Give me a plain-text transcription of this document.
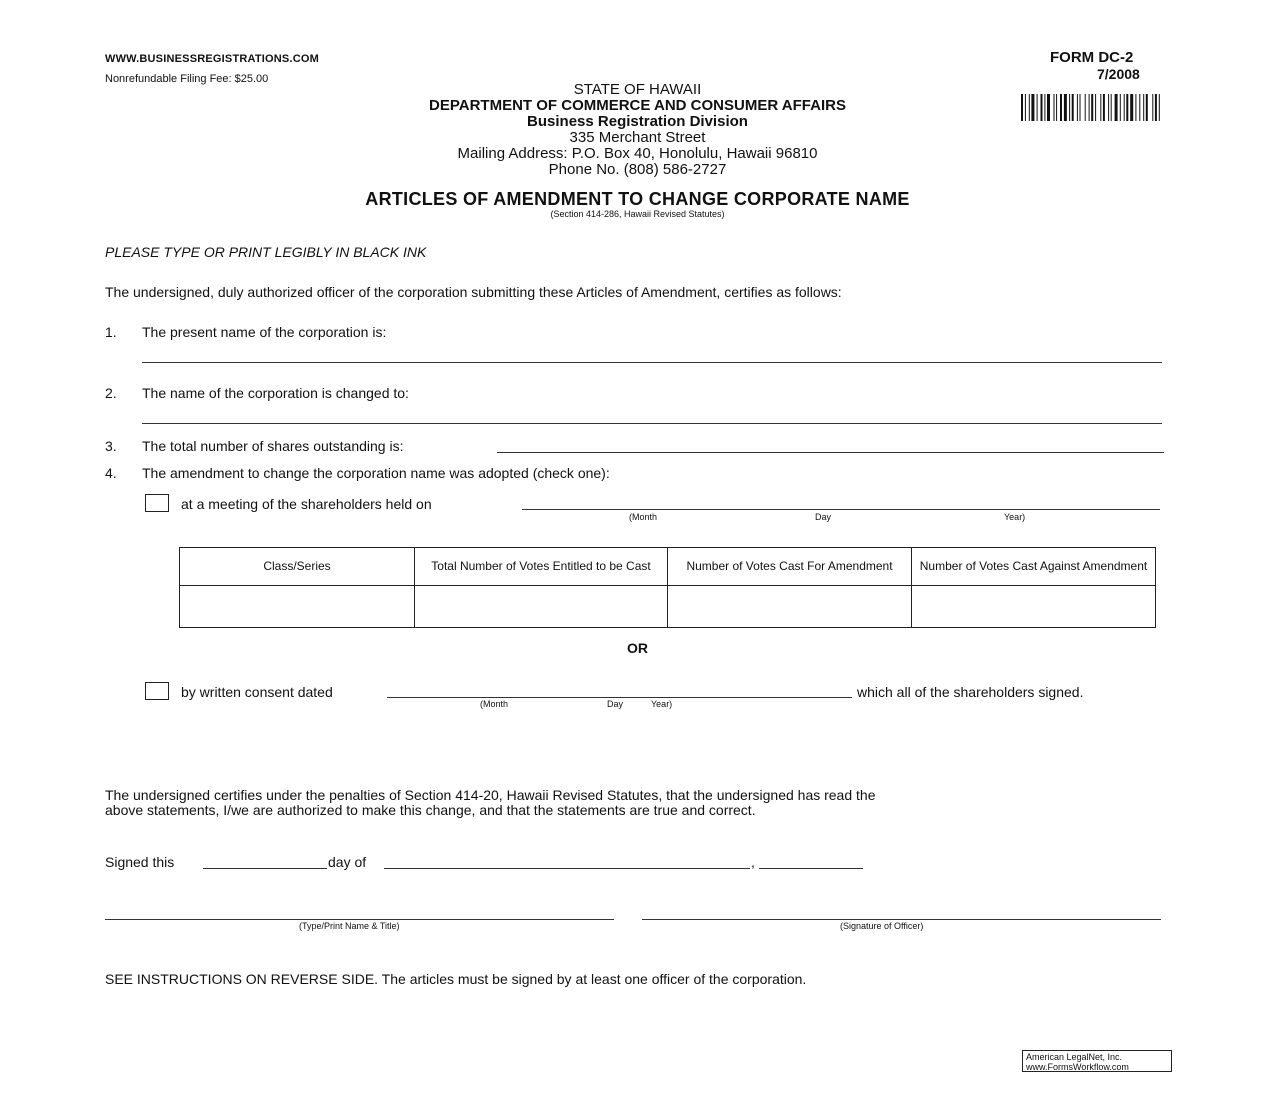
WWW.BUSINESSREGISTRATIONS.COM
Nonrefundable Filing Fee: $25.00
FORM DC-2
7/2008
STATE OF HAWAII
DEPARTMENT OF COMMERCE AND CONSUMER AFFAIRS
Business Registration Division
335 Merchant Street
Mailing Address: P.O. Box 40, Honolulu, Hawaii 96810
Phone No. (808) 586-2727
ARTICLES OF AMENDMENT TO CHANGE CORPORATE NAME
(Section 414-286, Hawaii Revised Statutes)
PLEASE TYPE OR PRINT LEGIBLY IN BLACK INK
The undersigned, duly authorized officer of the corporation submitting these Articles of Amendment, certifies as follows:
1. The present name of the corporation is:
2. The name of the corporation is changed to:
3. The total number of shares outstanding is:
4. The amendment to change the corporation name was adopted (check one):
at a meeting of the shareholders held on
(Month	Day	Year)
Class/Series	Total Number of Votes Entitled to be Cast	Number of Votes Cast For Amendment	Number of Votes Cast Against Amendment

OR
by written consent dated	which all of the shareholders signed.
(Month	Day	Year)
The undersigned certifies under the penalties of Section 414-20, Hawaii Revised Statutes, that the undersigned has read the
above statements, I/we are authorized to make this change, and that the statements are true and correct.
Signed this	day of	,
(Type/Print Name & Title)	(Signature of Officer)
SEE INSTRUCTIONS ON REVERSE SIDE. The articles must be signed by at least one officer of the corporation.
American LegalNet, Inc.
www.FormsWorkflow.com
